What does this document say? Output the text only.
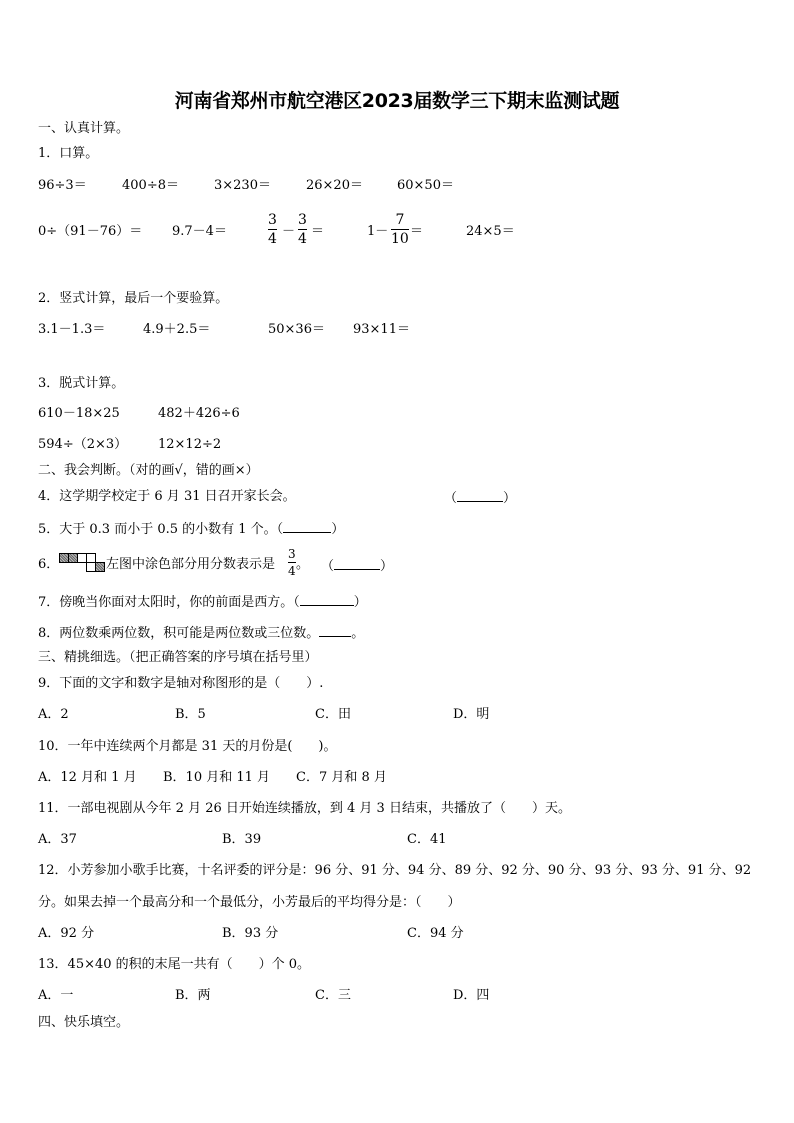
河南省郑州市航空港区2023届数学三下期末监测试题
一、认真计算。
1．口算。
96÷3＝	400÷8＝	3×230＝	26×20＝	60×50＝
0÷（91－76）＝ 9.7－4＝
3
4 －
3
4 ＝	1－
7
10 ＝	24×5＝
2．竖式计算，最后一个要验算。
3.1－1.3＝	4.9＋2.5＝	50×36＝ 93×11＝
3．脱式计算。
610－18×25	482＋426÷6
594÷（2×3） 12×12÷2
二、我会判断。（对的画√，错的画×）
4．这学期学校定于 6 月 31 日召开家长会。	（	）
5．大于 0.3 而小于 0.5 的小数有 1 个。（	）
6．	左图中涂色部分用分数表示是
3
4 。 （	）
7．傍晚当你面对太阳时，你的前面是西方。（	）
8．两位数乘两位数，积可能是两位数或三位数。 。
三、精挑细选。（把正确答案的序号填在括号里）
9．下面的文字和数字是轴对称图形的是（　　）.
A．2	B．5	C．田	D．明
10．一年中连续两个月都是 31 天的月份是(　　)。
A．12 月和 1 月 B．10 月和 11 月 C．7 月和 8 月
11．一部电视剧从今年 2 月 26 日开始连续播放，到 4 月 3 日结束，共播放了（　　）天。
A．37	B．39	C．41
12．小芳参加小歌手比赛，十名评委的评分是：96 分、91 分、94 分、89 分、92 分、90 分、93 分、93 分、91 分、92
分。如果去掉一个最高分和一个最低分，小芳最后的平均得分是：（　　）
A．92 分	B．93 分	C．94 分
13．45×40 的积的末尾一共有（　　）个 0。
A．一	B．两	C．三	D．四
四、快乐填空。
